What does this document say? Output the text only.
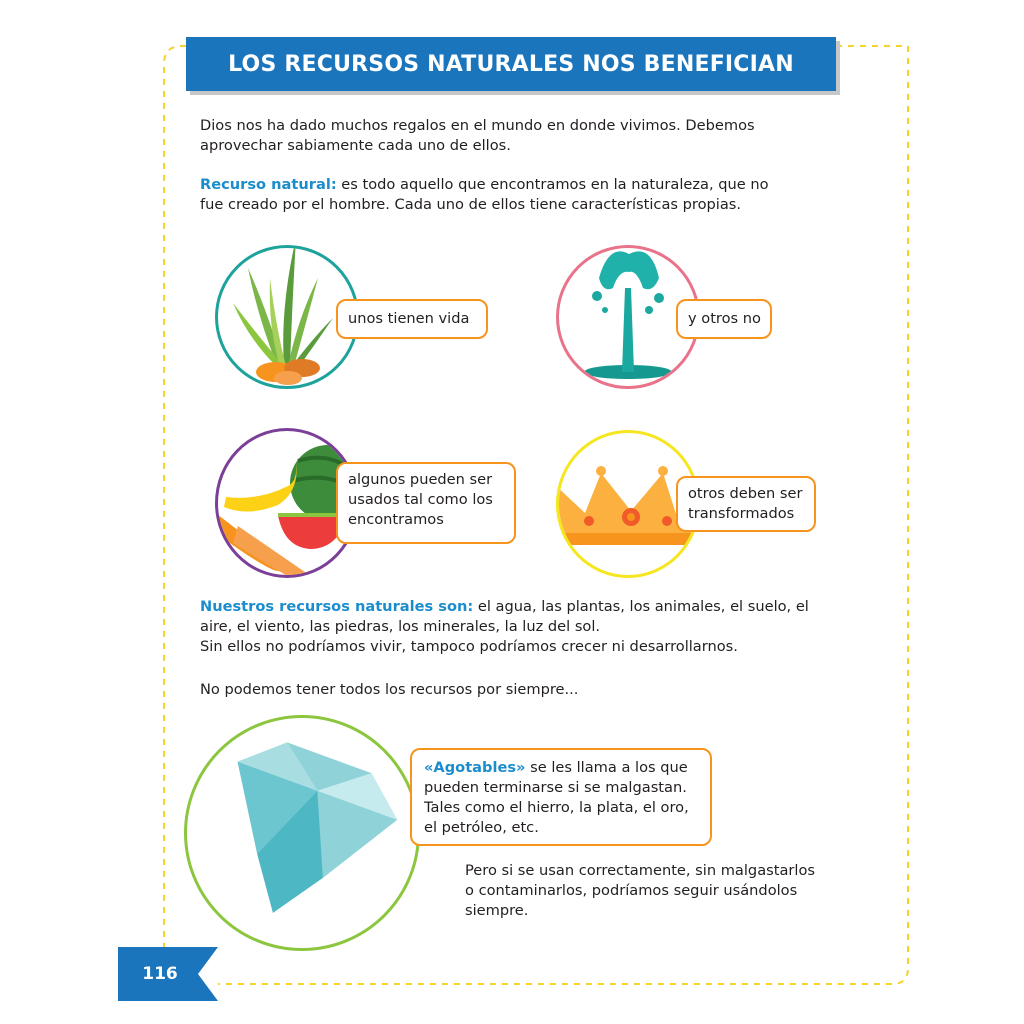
LOS RECURSOS NATURALES NOS BENEFICIAN

Dios nos ha dado muchos regalos en el mundo en donde vivimos. Debemos
aprovechar sabiamente cada uno de ellos.

Recurso natural: es todo aquello que encontramos en la naturaleza, que no
fue creado por el hombre. Cada uno de ellos tiene características propias.

unos tienen vida	y otros no
algunos pueden ser
usados tal como los
encontramos
otros deben ser
transformados

Nuestros recursos naturales son: el agua, las plantas, los animales, el suelo, el
aire, el viento, las piedras, los minerales, la luz del sol.
Sin ellos no podríamos vivir, tampoco podríamos crecer ni desarrollarnos.

No podemos tener todos los recursos por siempre...

«Agotables» se les llama a los que
pueden terminarse si se malgastan.
Tales como el hierro, la plata, el oro,
el petróleo, etc.

Pero si se usan correctamente, sin malgastarlos
o contaminarlos, podríamos seguir usándolos
siempre.

116
